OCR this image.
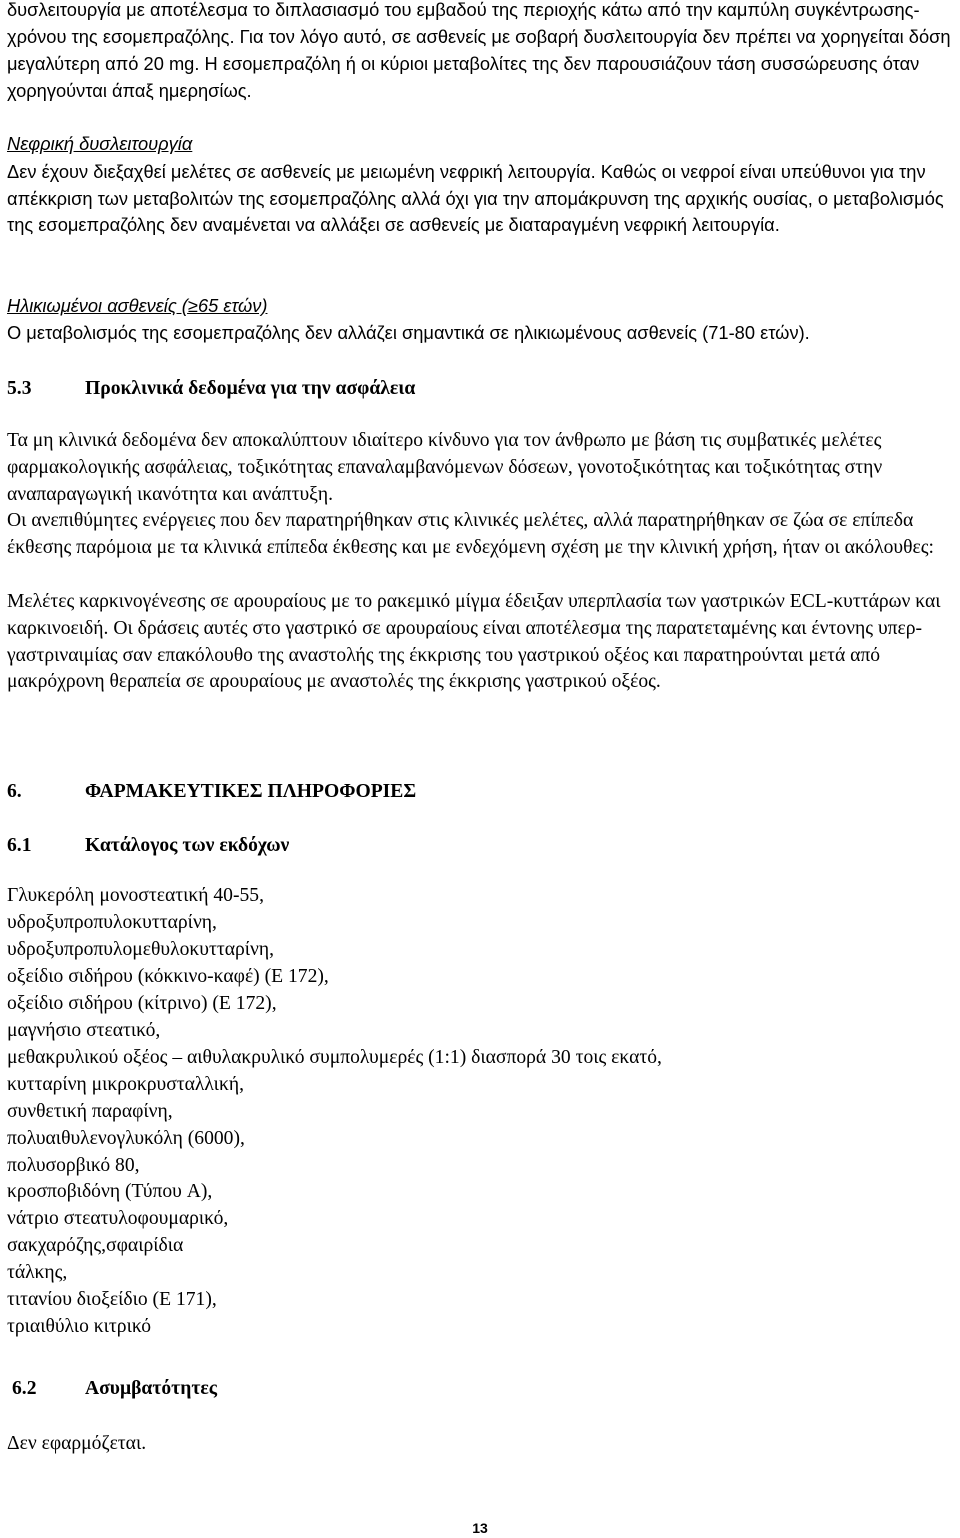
δυσλειτουργία με αποτέλεσμα το διπλασιασμό του εμβαδού της περιοχής κάτω από την καμπύλη συγκέντρωσης-χρόνου της εσομεπραζόλης. Για τον λόγο αυτό, σε ασθενείς με σοβαρή δυσλειτουργία δεν πρέπει να χορηγείται δόση μεγαλύτερη από 20 mg. Η εσομεπραζόλη ή οι κύριοι μεταβολίτες της δεν παρουσιάζουν τάση συσσώρευσης όταν χορηγούνται άπαξ ημερησίως.

Νεφρική δυσλειτουργία

Δεν έχουν διεξαχθεί μελέτες σε ασθενείς με μειωμένη νεφρική λειτουργία. Καθώς οι νεφροί είναι υπεύθυνοι για την απέκκριση των μεταβολιτών της εσομεπραζόλης αλλά όχι για την απομάκρυνση της αρχικής ουσίας, ο μεταβολισμός της εσομεπραζόλης δεν αναμένεται να αλλάξει σε ασθενείς με διαταραγμένη νεφρική λειτουργία.

Ηλικιωμένοι ασθενείς (≥65 ετών)

Ο μεταβολισμός της εσομεπραζόλης δεν αλλάζει σημαντικά σε ηλικιωμένους ασθενείς (71-80 ετών).

5.3	Προκλινικά δεδομένα για την ασφάλεια

Τα μη κλινικά δεδομένα δεν αποκαλύπτουν ιδιαίτερο κίνδυνο για τον άνθρωπο με βάση τις συμβατικές μελέτες φαρμακολογικής ασφάλειας, τοξικότητας επαναλαμβανόμενων δόσεων, γονοτοξικότητας και τοξικότητας στην αναπαραγωγική ικανότητα και ανάπτυξη.

Οι ανεπιθύμητες ενέργειες που δεν παρατηρήθηκαν στις κλινικές μελέτες, αλλά παρατηρήθηκαν σε ζώα σε επίπεδα έκθεσης παρόμοια με τα κλινικά επίπεδα έκθεσης και με ενδεχόμενη σχέση με την κλινική χρήση, ήταν οι ακόλουθες:

Μελέτες καρκινογένεσης σε αρουραίους με το ρακεμικό μίγμα έδειξαν υπερπλασία των γαστρικών ECL-κυττάρων και καρκινοειδή. Οι δράσεις αυτές στο γαστρικό σε αρουραίους είναι αποτέλεσμα της παρατεταμένης και έντονης υπερ-γαστριναιμίας σαν επακόλουθο της αναστολής της έκκρισης του γαστρικού οξέος και παρατηρούνται μετά από μακρόχρονη θεραπεία σε αρουραίους με αναστολές της έκκρισης γαστρικού οξέος.

6.	ΦΑΡΜΑΚΕΥΤΙΚΕΣ ΠΛΗΡΟΦΟΡΙΕΣ

6.1	Κατάλογος των εκδόχων

Γλυκερόλη μονοστεατική 40-55,
υδροξυπροπυλοκυτταρίνη,
υδροξυπροπυλομεθυλοκυτταρίνη,
οξείδιο σιδήρου (κόκκινο-καφέ) (E 172),
οξείδιο σιδήρου (κίτρινο) (E 172),
μαγνήσιο στεατικό,
μεθακρυλικού οξέος – αιθυλακρυλικό συμπολυμερές (1:1) διασπορά 30 τοις εκατό,
κυτταρίνη μικροκρυσταλλική,
συνθετική παραφίνη,
πολυαιθυλενογλυκόλη (6000),
πολυσορβικό 80,
κροσποβιδόνη (Τύπου A),
νάτριο στεατυλοφουμαρικό,
σακχαρόζης,σφαιρίδια
τάλκης,
τιτανίου διοξείδιο (E 171),
τριαιθύλιο κιτρικό

6.2 Ασυμβατότητες

Δεν εφαρμόζεται.

13
